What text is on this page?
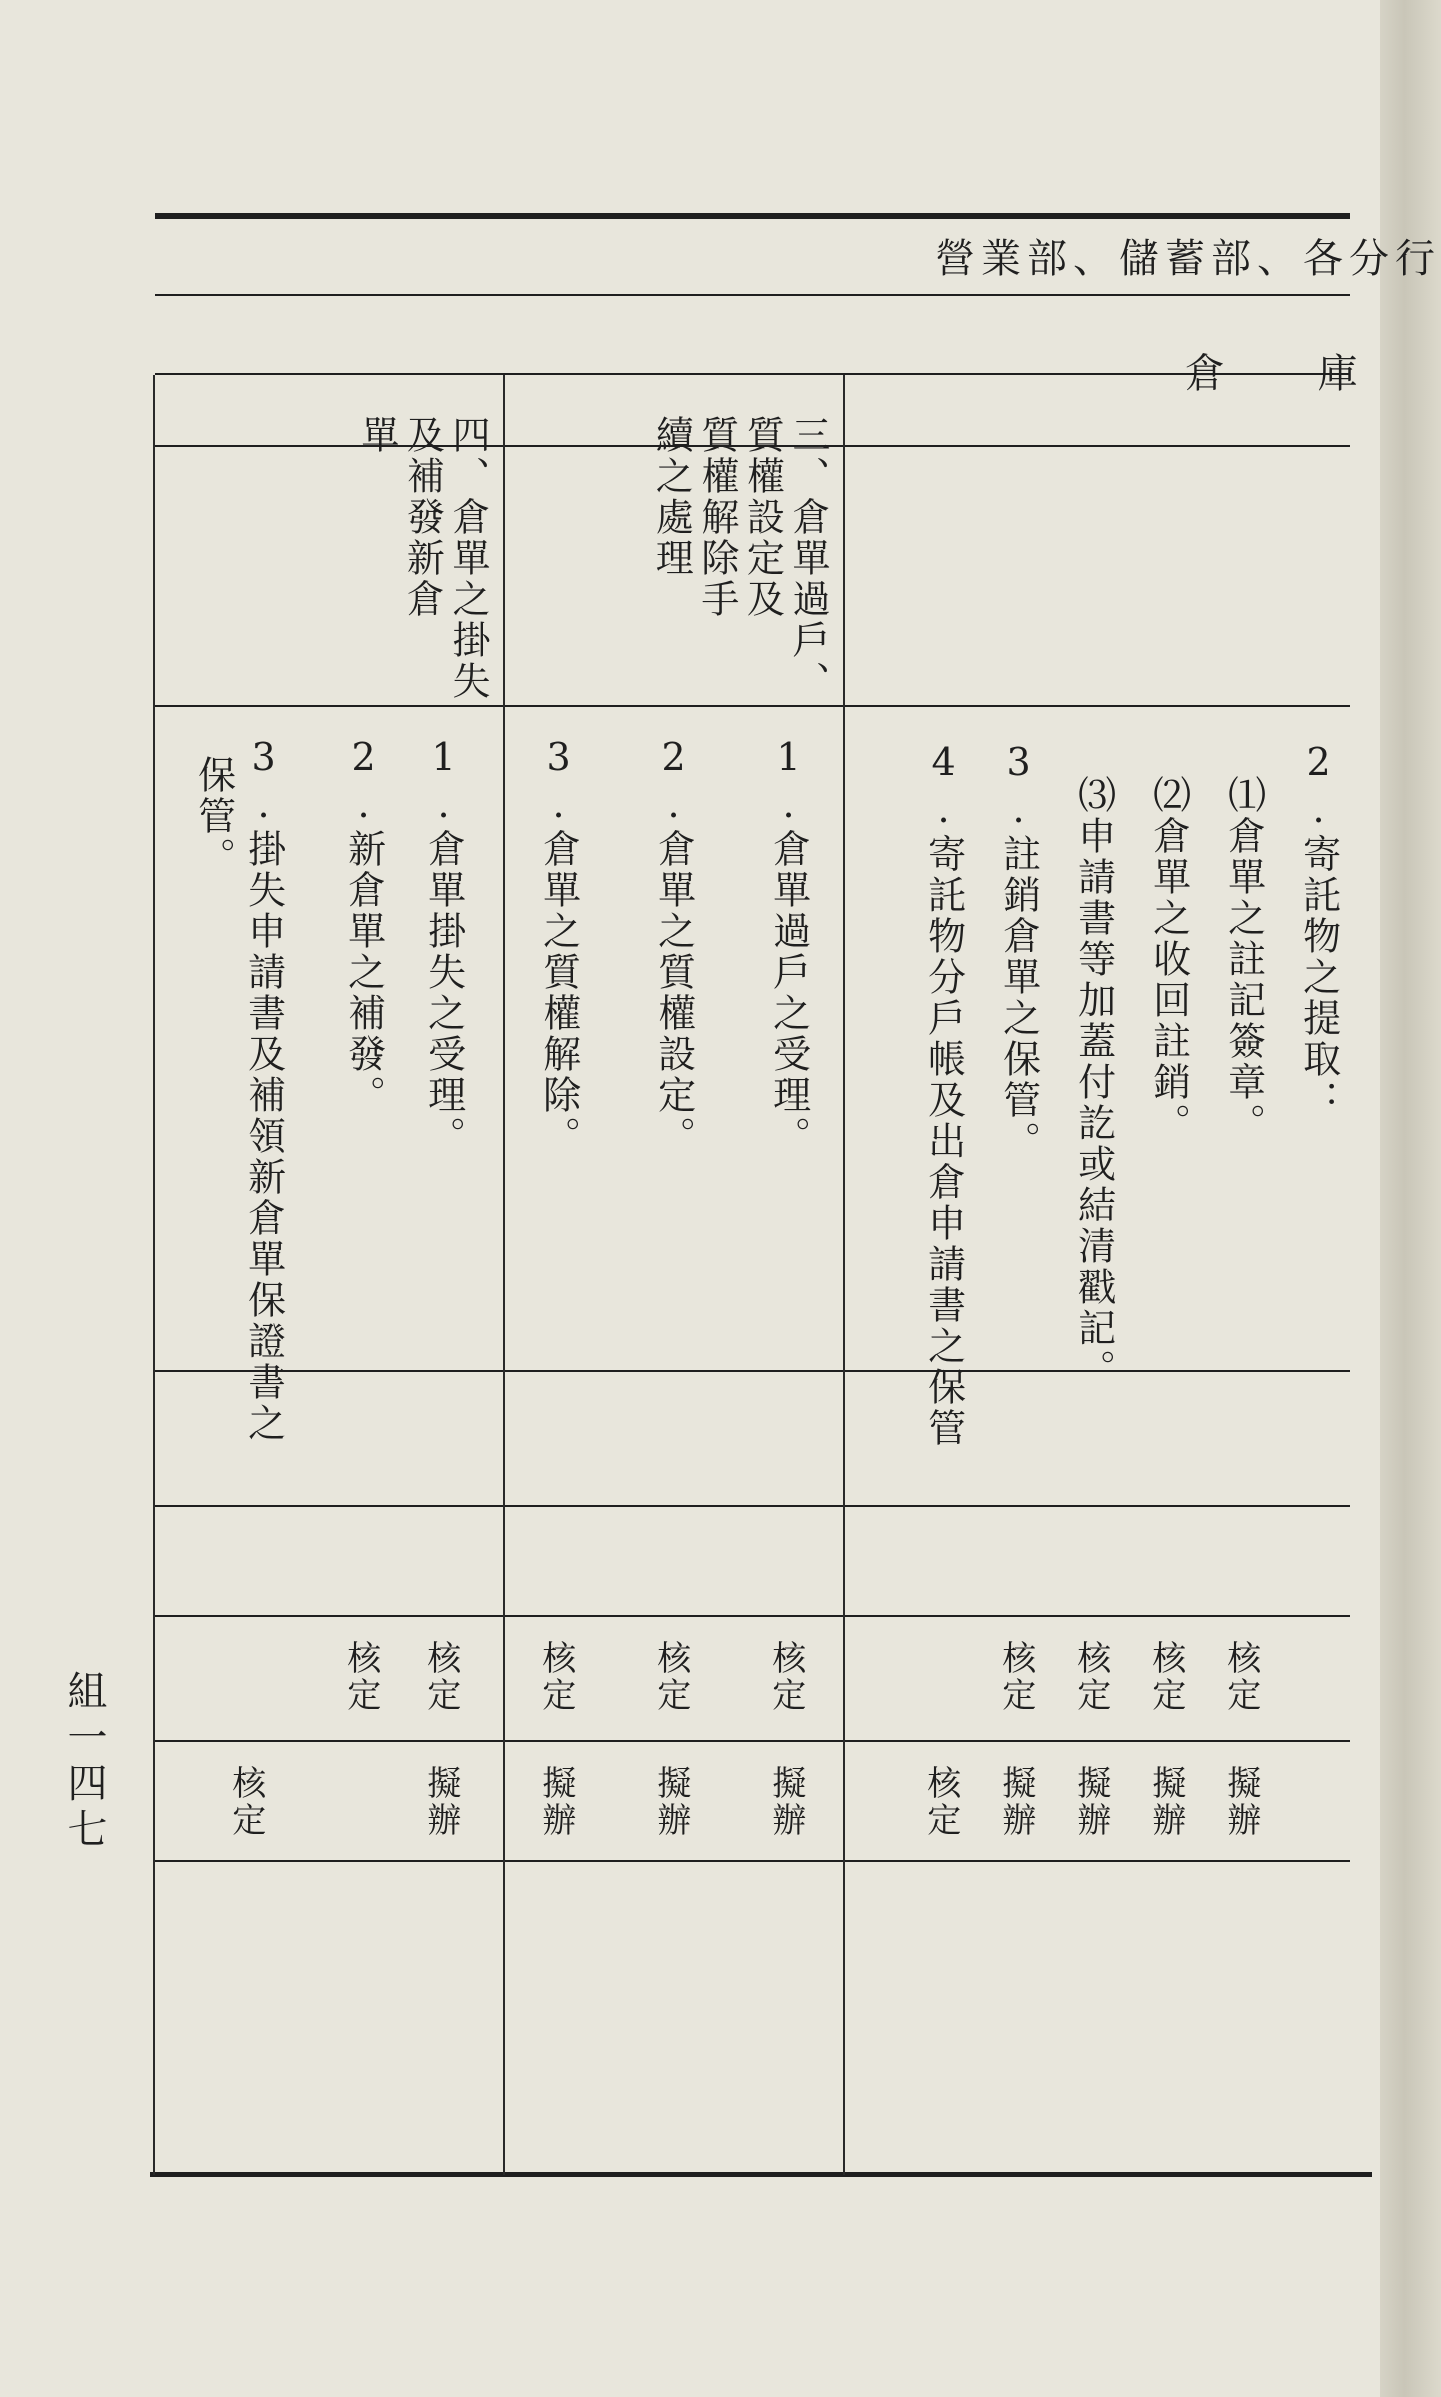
營業部、儲蓄部、各分行
倉 庫
2.寄託物之提取：
⑴倉單之註記簽章。
⑵倉單之收回註銷。
⑶申請書等加蓋付訖或結清戳記。
3.註銷倉單之保管。
4.寄託物分戶帳及出倉申請書之保管
三、倉單過戶、
質權設定及
質權解除手
續之處理
1.倉單過戶之受理。
2.倉單之質權設定。
3.倉單之質權解除。
四、倉單之掛失
及補發新倉
單
1.倉單掛失之受理。
2.新倉單之補發。
3.掛失申請書及補領新倉單保證書之
保管。
核定
核定
核定
核定
核定
核定
核定
核定
核定
核定
核定	擬辦
擬辦
擬辦
擬辦
擬辦
擬辦
擬辦
擬辦
組一四七
